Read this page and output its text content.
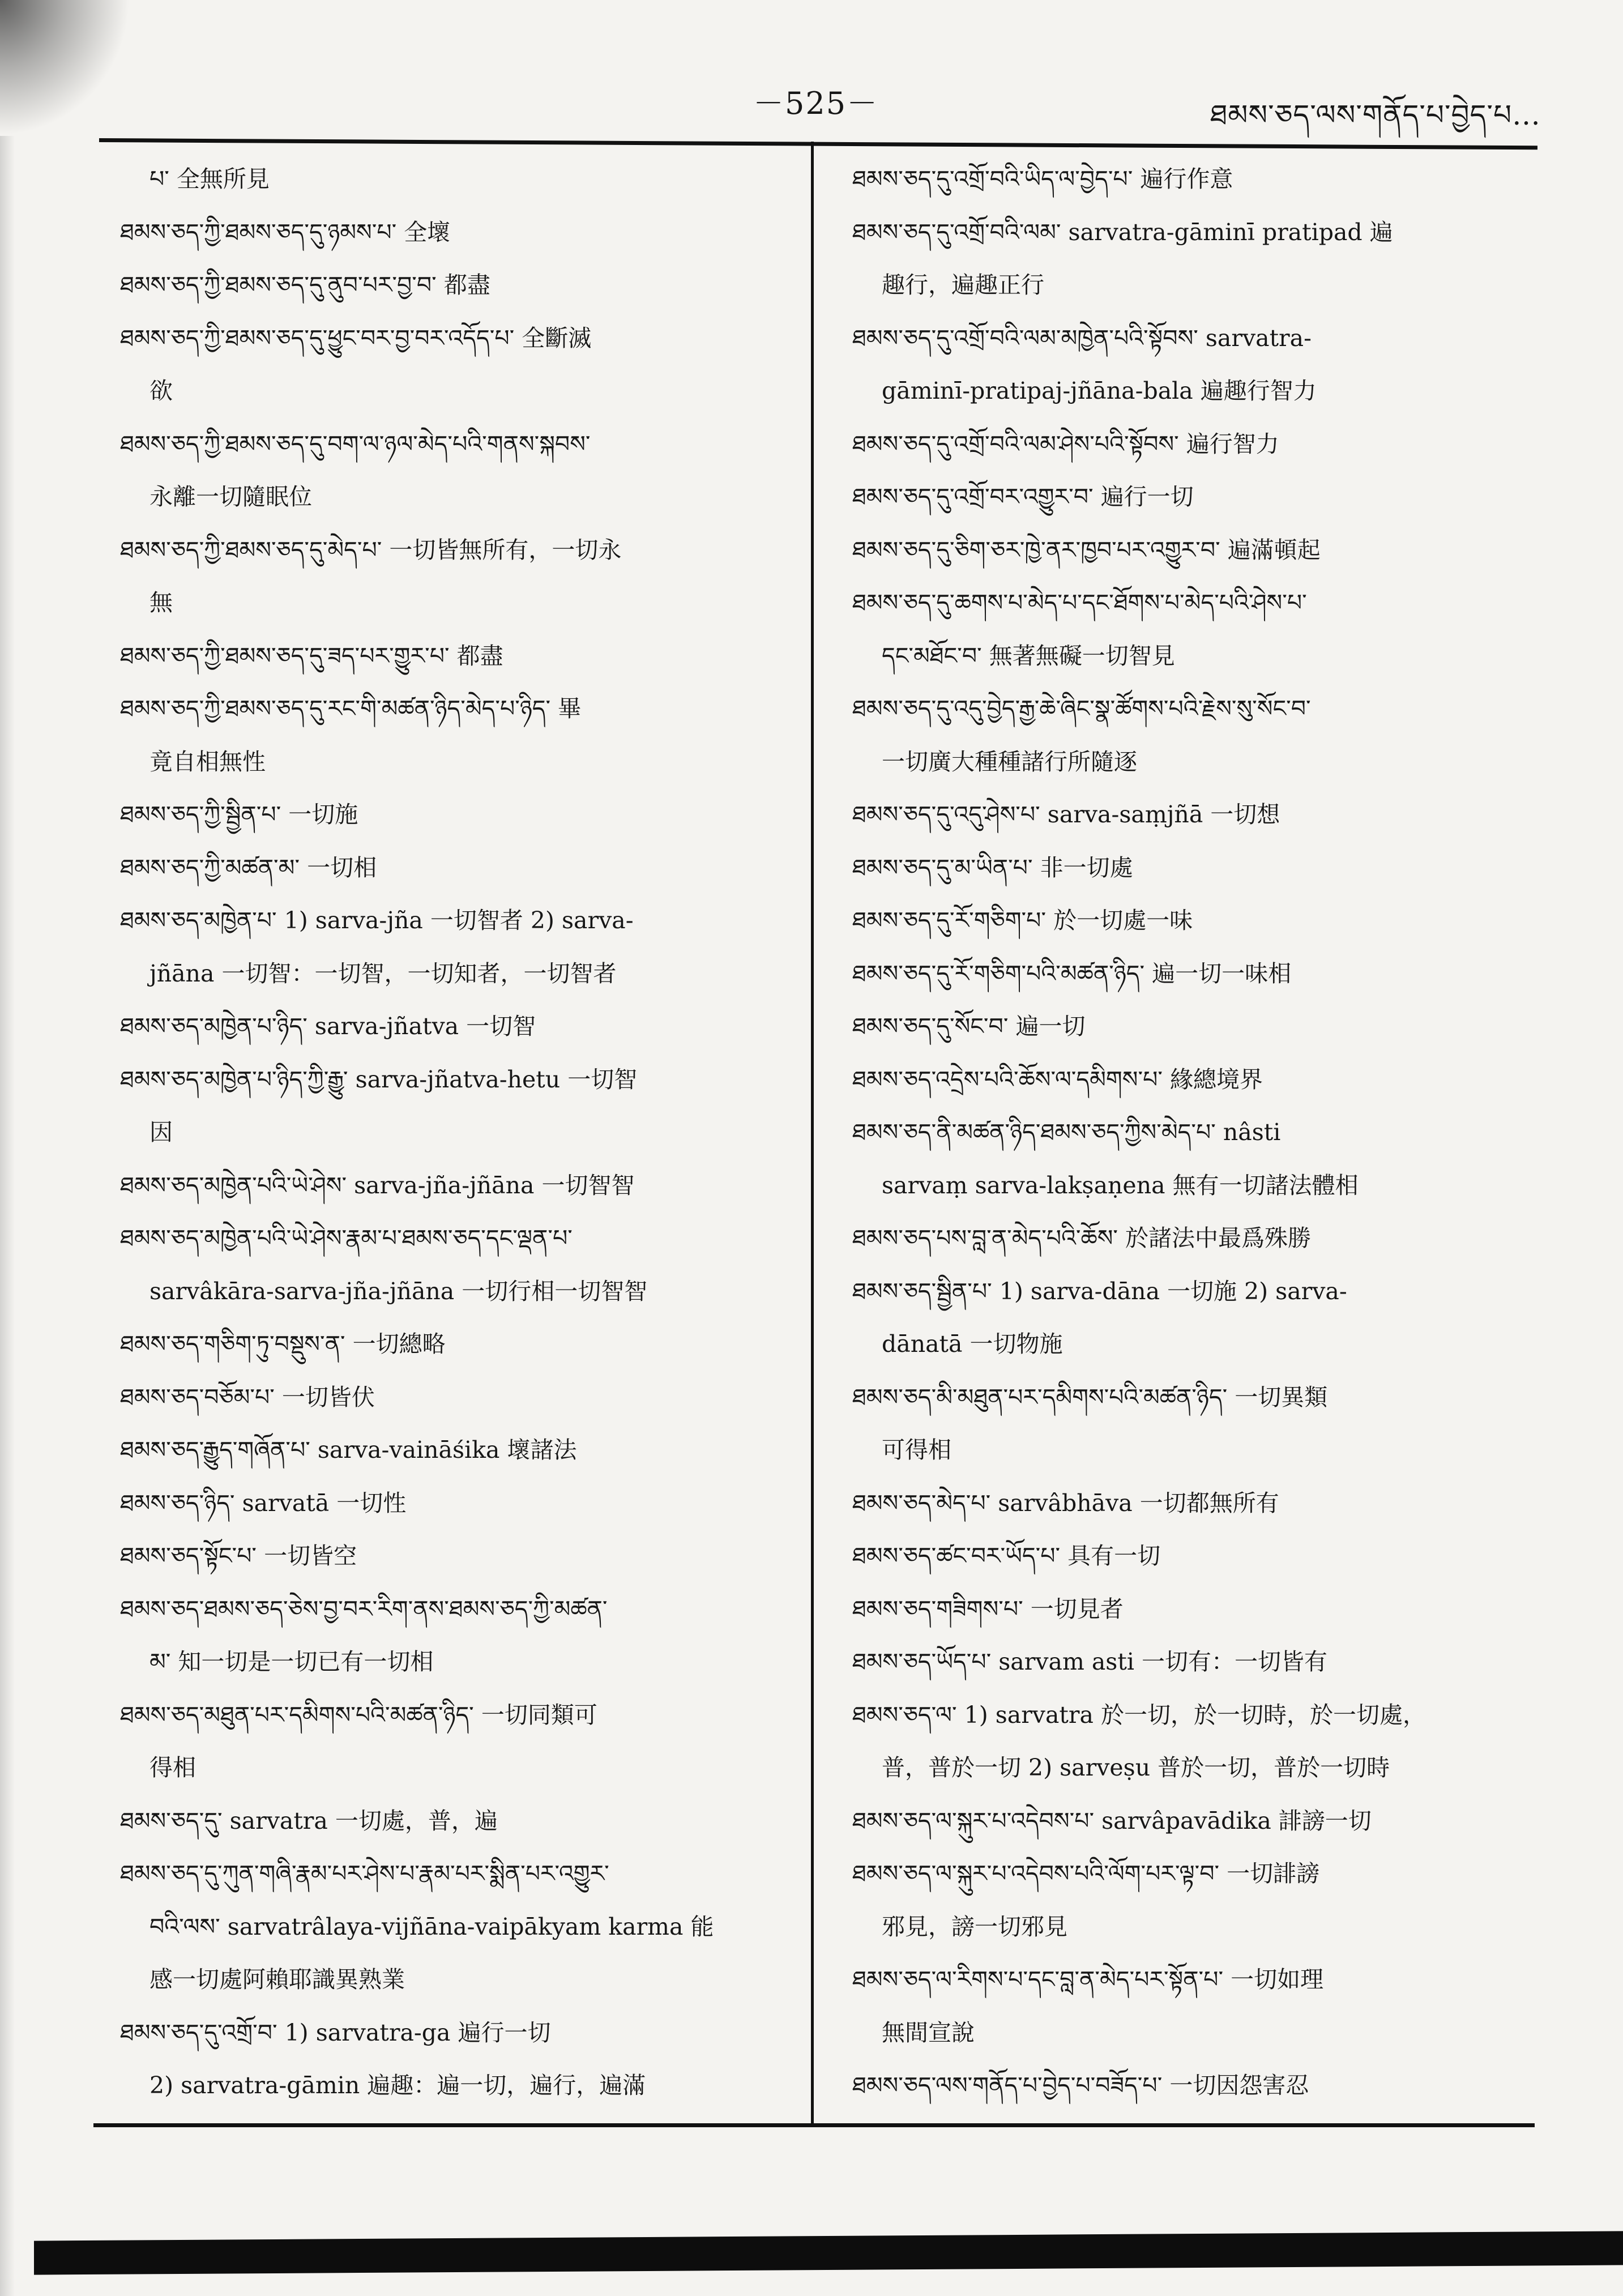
－525－	ཐམས་ཅད་ལས་གནོད་པ་བྱེད་པ…
པ་ 全無所見
ཐམས་ཅད་ཀྱི་ཐམས་ཅད་དུ་ཉམས་པ་ 全壞
ཐམས་ཅད་ཀྱི་ཐམས་ཅད་དུ་ནུབ་པར་བྱ་བ་ 都盡
ཐམས་ཅད་ཀྱི་ཐམས་ཅད་དུ་ཕྱུང་བར་བྱ་བར་འདོད་པ་ 全斷滅
欲
ཐམས་ཅད་ཀྱི་ཐམས་ཅད་དུ་བག་ལ་ཉལ་མེད་པའི་གནས་སྐབས་
永離一切隨眠位
ཐམས་ཅད་ཀྱི་ཐམས་ཅད་དུ་མེད་པ་ 一切皆無所有，一切永
無
ཐམས་ཅད་ཀྱི་ཐམས་ཅད་དུ་ཟད་པར་གྱུར་པ་ 都盡
ཐམས་ཅད་ཀྱི་ཐམས་ཅད་དུ་རང་གི་མཚན་ཉིད་མེད་པ་ཉིད་ 畢
竟自相無性
ཐམས་ཅད་ཀྱི་སྦྱིན་པ་ 一切施
ཐམས་ཅད་ཀྱི་མཚན་མ་ 一切相
ཐམས་ཅད་མཁྱེན་པ་ 1) sarva-jña 一切智者 2) sarva-
jñāna 一切智：一切智，一切知者，一切智者
ཐམས་ཅད་མཁྱེན་པ་ཉིད་ sarva-jñatva 一切智
ཐམས་ཅད་མཁྱེན་པ་ཉིད་ཀྱི་རྒྱུ་ sarva-jñatva-hetu 一切智
因
ཐམས་ཅད་མཁྱེན་པའི་ཡེ་ཤེས་ sarva-jña-jñāna 一切智智
ཐམས་ཅད་མཁྱེན་པའི་ཡེ་ཤེས་རྣམ་པ་ཐམས་ཅད་དང་ལྡན་པ་
sarvâkāra-sarva-jña-jñāna 一切行相一切智智
ཐམས་ཅད་གཅིག་ཏུ་བསྡུས་ན་ 一切總略
ཐམས་ཅད་བཅོམ་པ་ 一切皆伏
ཐམས་ཅད་རྒྱུད་གཞོན་པ་ sarva-vaināśika 壞諸法
ཐམས་ཅད་ཉིད་ sarvatā 一切性
ཐམས་ཅད་སྟོང་པ་ 一切皆空
ཐམས་ཅད་ཐམས་ཅད་ཅེས་བྱ་བར་རིག་ནས་ཐམས་ཅད་ཀྱི་མཚན་
མ་ 知一切是一切已有一切相
ཐམས་ཅད་མཐུན་པར་དམིགས་པའི་མཚན་ཉིད་ 一切同類可
得相
ཐམས་ཅད་དུ་ sarvatra 一切處，普，遍
ཐམས་ཅད་དུ་ཀུན་གཞི་རྣམ་པར་ཤེས་པ་རྣམ་པར་སྨིན་པར་འགྱུར་
བའི་ལས་ sarvatrâlaya-vijñāna-vaipākyam karma 能
感一切處阿賴耶識異熟業
ཐམས་ཅད་དུ་འགྲོ་བ་ 1) sarvatra-ga 遍行一切
2) sarvatra-gāmin 遍趣：遍一切，遍行，遍滿
ཐམས་ཅད་དུ་འགྲོ་བའི་ཡིད་ལ་བྱེད་པ་ 遍行作意
ཐམས་ཅད་དུ་འགྲོ་བའི་ལམ་ sarvatra-gāminī pratipad 遍
趣行，遍趣正行
ཐམས་ཅད་དུ་འགྲོ་བའི་ལམ་མཁྱེན་པའི་སྟོབས་ sarvatra-
gāminī-pratipaj-jñāna-bala 遍趣行智力
ཐམས་ཅད་དུ་འགྲོ་བའི་ལམ་ཤེས་པའི་སྟོབས་ 遍行智力
ཐམས་ཅད་དུ་འགྲོ་བར་འགྱུར་བ་ 遍行一切
ཐམས་ཅད་དུ་ཅིག་ཅར་ཁྱེ་ནར་ཁྱབ་པར་འགྱུར་བ་ 遍滿頓起
ཐམས་ཅད་དུ་ཆགས་པ་མེད་པ་དང་ཐོགས་པ་མེད་པའི་ཤེས་པ་
དང་མཐོང་བ་ 無著無礙一切智見
ཐམས་ཅད་དུ་འདུ་བྱེད་རྒྱ་ཆེ་ཞིང་སྣ་ཚོགས་པའི་རྗེས་སུ་སོང་བ་
一切廣大種種諸行所隨逐
ཐམས་ཅད་དུ་འདུ་ཤེས་པ་ sarva-saṃjñā 一切想
ཐམས་ཅད་དུ་མ་ཡིན་པ་ 非一切處
ཐམས་ཅད་དུ་རོ་གཅིག་པ་ 於一切處一味
ཐམས་ཅད་དུ་རོ་གཅིག་པའི་མཚན་ཉིད་ 遍一切一味相
ཐམས་ཅད་དུ་སོང་བ་ 遍一切
ཐམས་ཅད་འདྲེས་པའི་ཆོས་ལ་དམིགས་པ་ 緣總境界
ཐམས་ཅད་ནི་མཚན་ཉིད་ཐམས་ཅད་ཀྱིས་མེད་པ་ nâsti
sarvaṃ sarva-lakṣaṇena 無有一切諸法體相
ཐམས་ཅད་པས་བླ་ན་མེད་པའི་ཆོས་ 於諸法中最爲殊勝
ཐམས་ཅད་སྦྱིན་པ་ 1) sarva-dāna 一切施 2) sarva-
dānatā 一切物施
ཐམས་ཅད་མི་མཐུན་པར་དམིགས་པའི་མཚན་ཉིད་ 一切異類
可得相
ཐམས་ཅད་མེད་པ་ sarvâbhāva 一切都無所有
ཐམས་ཅད་ཚང་བར་ཡོད་པ་ 具有一切
ཐམས་ཅད་གཟིགས་པ་ 一切見者
ཐམས་ཅད་ཡོད་པ་ sarvam asti 一切有：一切皆有
ཐམས་ཅད་ལ་ 1) sarvatra 於一切，於一切時，於一切處，
普，普於一切 2) sarveṣu 普於一切，普於一切時
ཐམས་ཅད་ལ་སྐུར་པ་འདེབས་པ་ sarvâpavādika 誹謗一切
ཐམས་ཅད་ལ་སྐུར་པ་འདེབས་པའི་ལོག་པར་ལྟ་བ་ 一切誹謗
邪見，謗一切邪見
ཐམས་ཅད་ལ་རིགས་པ་དང་བླ་ན་མེད་པར་སྟོན་པ་ 一切如理
無間宣說
ཐམས་ཅད་ལས་གནོད་པ་བྱེད་པ་བཟོད་པ་ 一切因怨害忍
